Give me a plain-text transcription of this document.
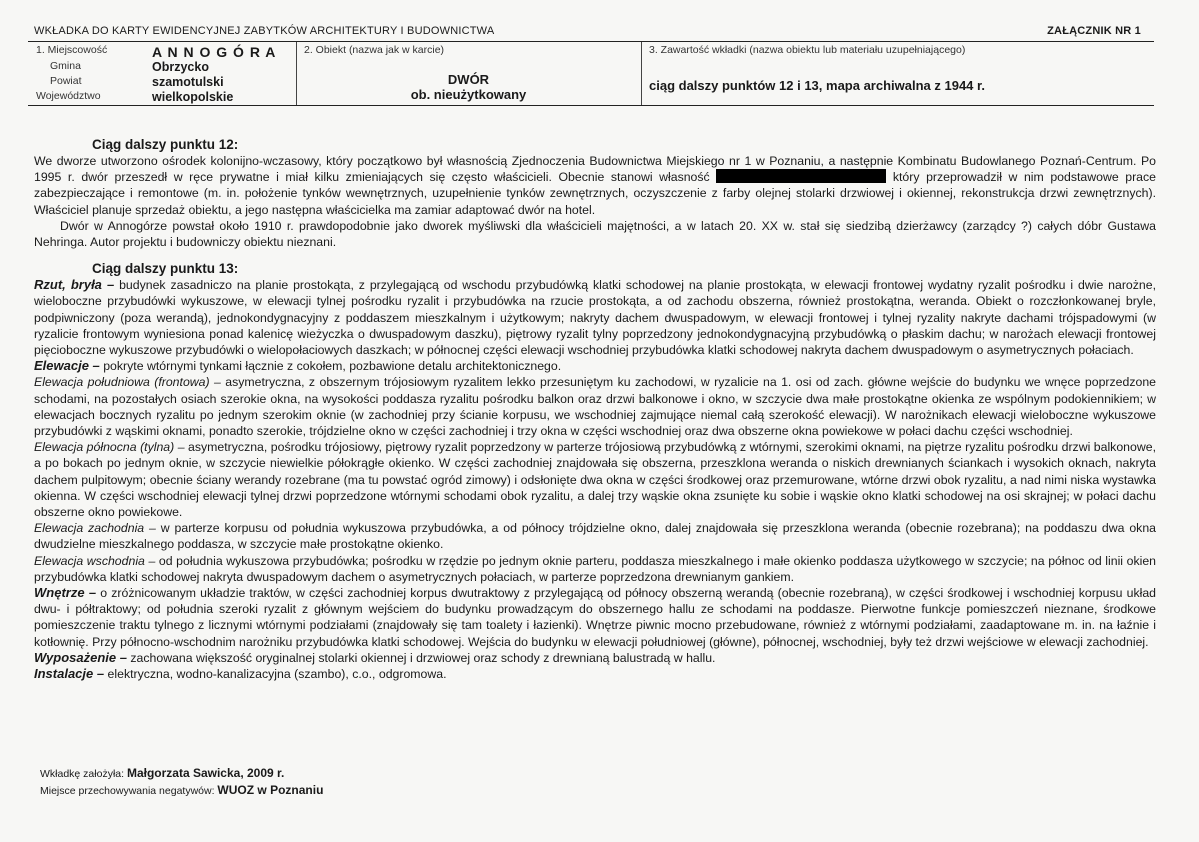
WKŁADKA DO KARTY EWIDENCYJNEJ ZABYTKÓW ARCHITEKTURY I BUDOWNICTWA	ZAŁĄCZNIK NR 1
1. Miejscowość	A N N O G Ó R A
Gmina	Obrzycko
Powiat	szamotulski
Województwo	wielkopolskie
2. Obiekt (nazwa jak w karcie)
DWÓR
ob. nieużytkowany
3. Zawartość wkładki (nazwa obiektu lub materiału uzupełniającego)
ciąg dalszy punktów 12 i 13, mapa archiwalna z 1944 r.

Ciąg dalszy punktu 12:

We dworze utworzono ośrodek kolonijno-wczasowy, który początkowo był własnością Zjednoczenia Budownictwa Miejskiego nr 1 w Poznaniu, a następnie Kombinatu Budowlanego Poznań-Centrum. Po 1995 r. dwór przeszedł w ręce prywatne i miał kilku zmieniających się często właścicieli. Obecnie stanowi własność	który przeprowadził w nim podstawowe prace zabezpieczające i remontowe (m. in. położenie tynków wewnętrznych, uzupełnienie tynków zewnętrznych, oczyszczenie z farby olejnej stolarki drzwiowej i okiennej, rekonstrukcja drzwi zewnętrznych). Właściciel planuje sprzedaż obiektu, a jego następna właścicielka ma zamiar adaptować dwór na hotel.

Dwór w Annogórze powstał około 1910 r. prawdopodobnie jako dworek myśliwski dla właścicieli majętności, a w latach 20. XX w. stał się siedzibą dzierżawcy (zarządcy ?) całych dóbr Gustawa Nehringa. Autor projektu i budowniczy obiektu nieznani.

Ciąg dalszy punktu 13:

Rzut, bryła – budynek zasadniczo na planie prostokąta, z przylegającą od wschodu przybudówką klatki schodowej na planie prostokąta, w elewacji frontowej wydatny ryzalit pośrodku i dwie narożne, wieloboczne przybudówki wykuszowe, w elewacji tylnej pośrodku ryzalit i przybudówka na rzucie prostokąta, a od zachodu obszerna, również prostokątna, weranda. Obiekt o rozczłonkowanej bryle, podpiwniczony (poza werandą), jednokondygnacyjny z poddaszem mieszkalnym i użytkowym; nakryty dachem dwuspadowym, w elewacji frontowej i tylnej ryzality nakryte dachami trójspadowymi (w ryzalicie frontowym wyniesiona ponad kalenicę wieżyczka o dwuspadowym daszku), piętrowy ryzalit tylny poprzedzony jednokondygnacyjną przybudówką o płaskim dachu; w narożach elewacji frontowej pięcioboczne wykuszowe przybudówki o wielopołaciowych daszkach; w północnej części elewacji wschodniej przybudówka klatki schodowej nakryta dachem dwuspadowym o asymetrycznych połaciach.

Elewacje – pokryte wtórnymi tynkami łącznie z cokołem, pozbawione detalu architektonicznego.

Elewacja południowa (frontowa) – asymetryczna, z obszernym trójosiowym ryzalitem lekko przesuniętym ku zachodowi, w ryzalicie na 1. osi od zach. główne wejście do budynku we wnęce poprzedzone schodami, na pozostałych osiach szerokie okna, na wysokości poddasza ryzalitu pośrodku balkon oraz drzwi balkonowe i okno, w szczycie dwa małe prostokątne okienka ze wspólnym podokiennikiem; w elewacjach bocznych ryzalitu po jednym szerokim oknie (w zachodniej przy ścianie korpusu, we wschodniej zajmujące niemal całą szerokość elewacji). W narożnikach elewacji wieloboczne wykuszowe przybudówki z wąskimi oknami, ponadto szerokie, trójdzielne okno w części zachodniej i trzy okna w części wschodniej oraz dwa obszerne okna powiekowe w połaci dachu części wschodniej.

Elewacja północna (tylna) – asymetryczna, pośrodku trójosiowy, piętrowy ryzalit poprzedzony w parterze trójosiową przybudówką z wtórnymi, szerokimi oknami, na piętrze ryzalitu pośrodku drzwi balkonowe, a po bokach po jednym oknie, w szczycie niewielkie półokrągłe okienko. W części zachodniej znajdowała się obszerna, przeszklona weranda o niskich drewnianych ściankach i wysokich oknach, nakryta dachem pulpitowym; obecnie ściany werandy rozebrane (ma tu powstać ogród zimowy) i odsłonięte dwa okna w części środkowej oraz przemurowane, wtórne drzwi obok ryzalitu, a nad nimi niska wystawka okienna. W części wschodniej elewacji tylnej drzwi poprzedzone wtórnymi schodami obok ryzalitu, a dalej trzy wąskie okna zsunięte ku sobie i wąskie okno klatki schodowej na osi skrajnej; w połaci dachu obszerne okno powiekowe.

Elewacja zachodnia – w parterze korpusu od południa wykuszowa przybudówka, a od północy trójdzielne okno, dalej znajdowała się przeszklona weranda (obecnie rozebrana); na poddaszu dwa okna dwudzielne mieszkalnego poddasza, w szczycie małe prostokątne okienko.

Elewacja wschodnia – od południa wykuszowa przybudówka; pośrodku w rzędzie po jednym oknie parteru, poddasza mieszkalnego i małe okienko poddasza użytkowego w szczycie; na północ od linii okien przybudówka klatki schodowej nakryta dwuspadowym dachem o asymetrycznych połaciach, w parterze poprzedzona drewnianym gankiem.

Wnętrze – o zróżnicowanym układzie traktów, w części zachodniej korpus dwutraktowy z przylegającą od północy obszerną werandą (obecnie rozebraną), w części środkowej i wschodniej korpusu układ dwu- i półtraktowy; od południa szeroki ryzalit z głównym wejściem do budynku prowadzącym do obszernego hallu ze schodami na poddasze. Pierwotne funkcje pomieszczeń nieznane, środkowe pomieszczenie traktu tylnego z licznymi wtórnymi podziałami (znajdowały się tam toalety i łazienki). Wnętrze piwnic mocno przebudowane, również z wtórnymi podziałami, zaadaptowane m. in. na łaźnie i kotłownię. Przy północno-wschodnim narożniku przybudówka klatki schodowej. Wejścia do budynku w elewacji południowej (główne), północnej, wschodniej, były też drzwi wejściowe w elewacji zachodniej.

Wyposażenie – zachowana większość oryginalnej stolarki okiennej i drzwiowej oraz schody z drewnianą balustradą w hallu.

Instalacje – elektryczna, wodno-kanalizacyjna (szambo), c.o., odgromowa.

Wkładkę założyła: Małgorzata Sawicka, 2009 r.
Miejsce przechowywania negatywów: WUOZ w Poznaniu
